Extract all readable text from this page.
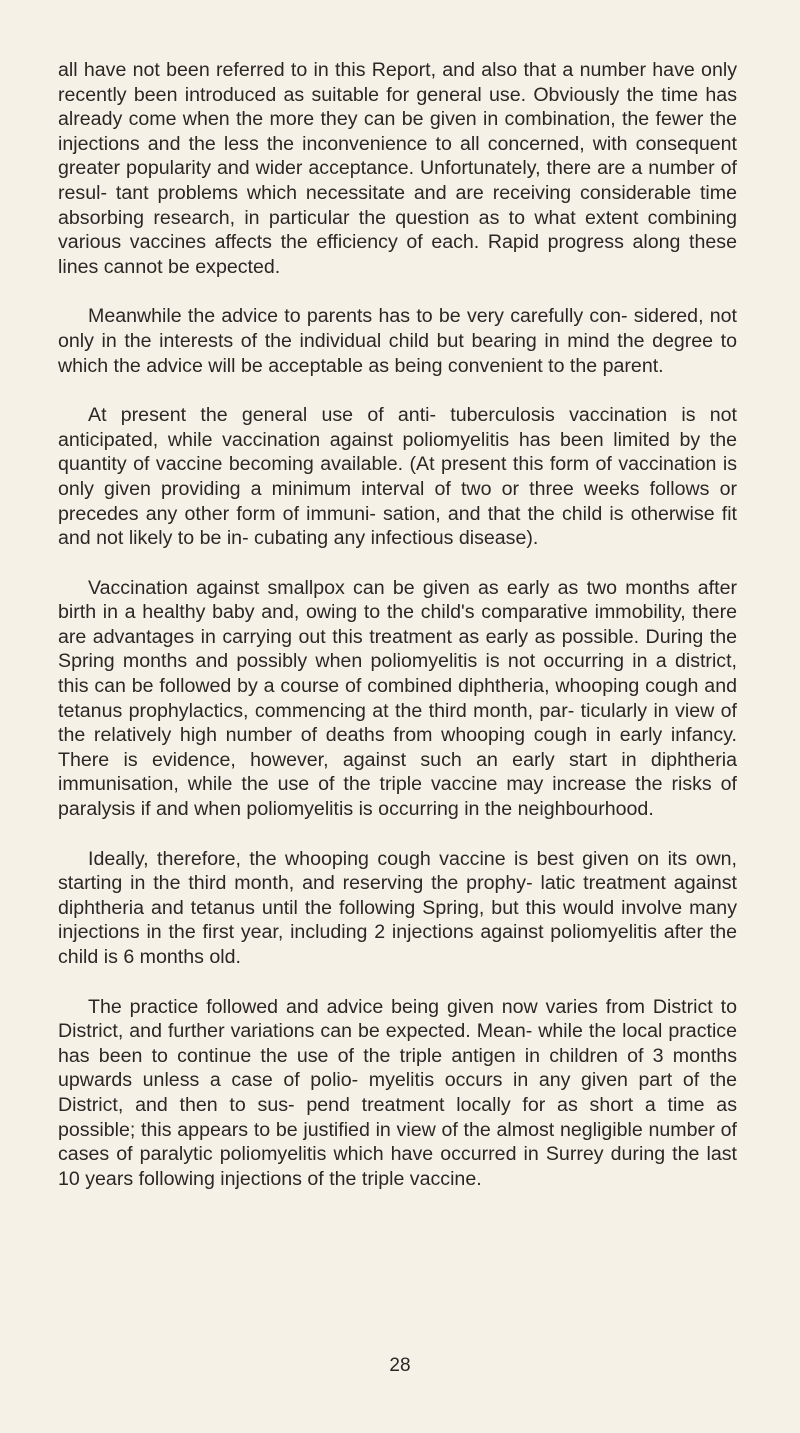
all have not been referred to in this Report, and also that a number have only recently been introduced as suitable for general use. Obviously the time has already come when the more they can be given in combination, the fewer the injections and the less the inconvenience to all concerned, with consequent greater popularity and wider acceptance. Unfortunately, there are a number of resul- tant problems which necessitate and are receiving considerable time absorbing research, in particular the question as to what extent combining various vaccines affects the efficiency of each. Rapid progress along these lines cannot be expected.

Meanwhile the advice to parents has to be very carefully con- sidered, not only in the interests of the individual child but bearing in mind the degree to which the advice will be acceptable as being convenient to the parent.

At present the general use of anti- tuberculosis vaccination is not anticipated, while vaccination against poliomyelitis has been limited by the quantity of vaccine becoming available. (At present this form of vaccination is only given providing a minimum interval of two or three weeks follows or precedes any other form of immuni- sation, and that the child is otherwise fit and not likely to be in- cubating any infectious disease).

Vaccination against smallpox can be given as early as two months after birth in a healthy baby and, owing to the child's comparative immobility, there are advantages in carrying out this treatment as early as possible. During the Spring months and possibly when poliomyelitis is not occurring in a district, this can be followed by a course of combined diphtheria, whooping cough and tetanus prophylactics, commencing at the third month, par- ticularly in view of the relatively high number of deaths from whooping cough in early infancy. There is evidence, however, against such an early start in diphtheria immunisation, while the use of the triple vaccine may increase the risks of paralysis if and when poliomyelitis is occurring in the neighbourhood.

Ideally, therefore, the whooping cough vaccine is best given on its own, starting in the third month, and reserving the prophy- latic treatment against diphtheria and tetanus until the following Spring, but this would involve many injections in the first year, including 2 injections against poliomyelitis after the child is 6 months old.

The practice followed and advice being given now varies from District to District, and further variations can be expected. Mean- while the local practice has been to continue the use of the triple antigen in children of 3 months upwards unless a case of polio- myelitis occurs in any given part of the District, and then to sus- pend treatment locally for as short a time as possible; this appears to be justified in view of the almost negligible number of cases of paralytic poliomyelitis which have occurred in Surrey during the last 10 years following injections of the triple vaccine.

28
